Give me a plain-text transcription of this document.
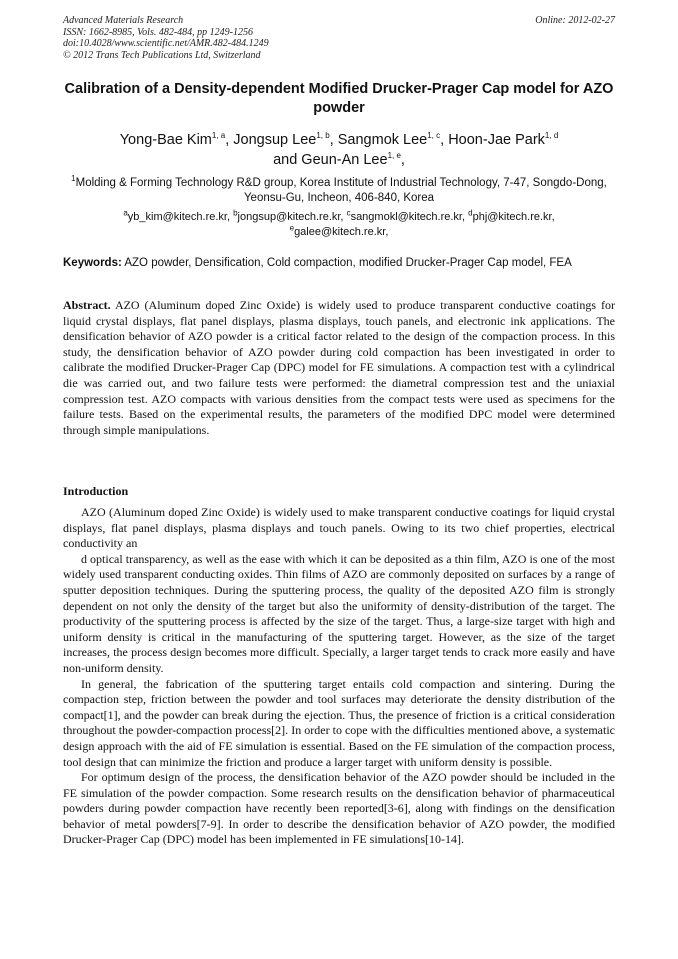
Advanced Materials Research
ISSN: 1662-8985, Vols. 482-484, pp 1249-1256
doi:10.4028/www.scientific.net/AMR.482-484.1249
© 2012 Trans Tech Publications Ltd, Switzerland
Online: 2012-02-27
Calibration of a Density-dependent Modified Drucker-Prager Cap model for AZO powder
Yong-Bae Kim$^{1, a}$, Jongsup Lee$^{1, b}$, Sangmok Lee$^{1, c}$, Hoon-Jae Park$^{1, d}$
and Geun-An Lee$^{1, e}$,
$^1$Molding & Forming Technology R&D group, Korea Institute of Industrial Technology, 7-47, Songdo-Dong, Yeonsu-Gu, Incheon, 406-840, Korea
$^a$yb_kim@kitech.re.kr, $^b$jongsup@kitech.re.kr, $^c$sangmokl@kitech.re.kr, $^d$phj@kitech.re.kr,
$^e$galee@kitech.re.kr,
Keywords: AZO powder, Densification, Cold compaction, modified Drucker-Prager Cap model, FEA
Abstract. AZO (Aluminum doped Zinc Oxide) is widely used to produce transparent conductive coatings for liquid crystal displays, flat panel displays, plasma displays, touch panels, and electronic ink applications. The densification behavior of AZO powder is a critical factor related to the design of the compaction process. In this study, the densification behavior of AZO powder during cold compaction has been investigated in order to calibrate the modified Drucker-Prager Cap (DPC) model for FE simulations. A compaction test with a cylindrical die was carried out, and two failure tests were performed: the diametral compression test and the uniaxial compression test. AZO compacts with various densities from the compact tests were used as specimens for the failure tests. Based on the experimental results, the parameters of the modified DPC model were determined through simple manipulations.
Introduction

AZO (Aluminum doped Zinc Oxide) is widely used to make transparent conductive coatings for liquid crystal displays, flat panel displays, plasma displays and touch panels. Owing to its two chief properties, electrical conductivity an

d optical transparency, as well as the ease with which it can be deposited as a thin film, AZO is one of the most widely used transparent conducting oxides. Thin films of AZO are commonly deposited on surfaces by a range of sputter deposition techniques. During the sputtering process, the quality of the deposited AZO film is strongly dependent on not only the density of the target but also the uniformity of density-distribution of the target. The productivity of the sputtering process is affected by the size of the target. Thus, a large-size target with high and uniform density is critical in the manufacturing of the sputtering target. However, as the size of the target increases, the process design becomes more difficult. Specially, a larger target tends to crack more easily and have non-uniform density.

In general, the fabrication of the sputtering target entails cold compaction and sintering. During the compaction step, friction between the powder and tool surfaces may deteriorate the density distribution of the compact[1], and the powder can break during the ejection. Thus, the presence of friction is a critical consideration throughout the powder-compaction process[2]. In order to cope with the difficulties mentioned above, a systematic design approach with the aid of FE simulation is essential. Based on the FE simulation of the compaction process, tool design that can minimize the friction and produce a larger target with uniform density is possible.

For optimum design of the process, the densification behavior of the AZO powder should be included in the FE simulation of the powder compaction. Some research results on the densification behavior of pharmaceutical powders during powder compaction have recently been reported[3-6], along with findings on the densification behavior of metal powders[7-9]. In order to describe the densification behavior of AZO powder, the modified Drucker-Prager Cap (DPC) model has been implemented in FE simulations[10-14].
